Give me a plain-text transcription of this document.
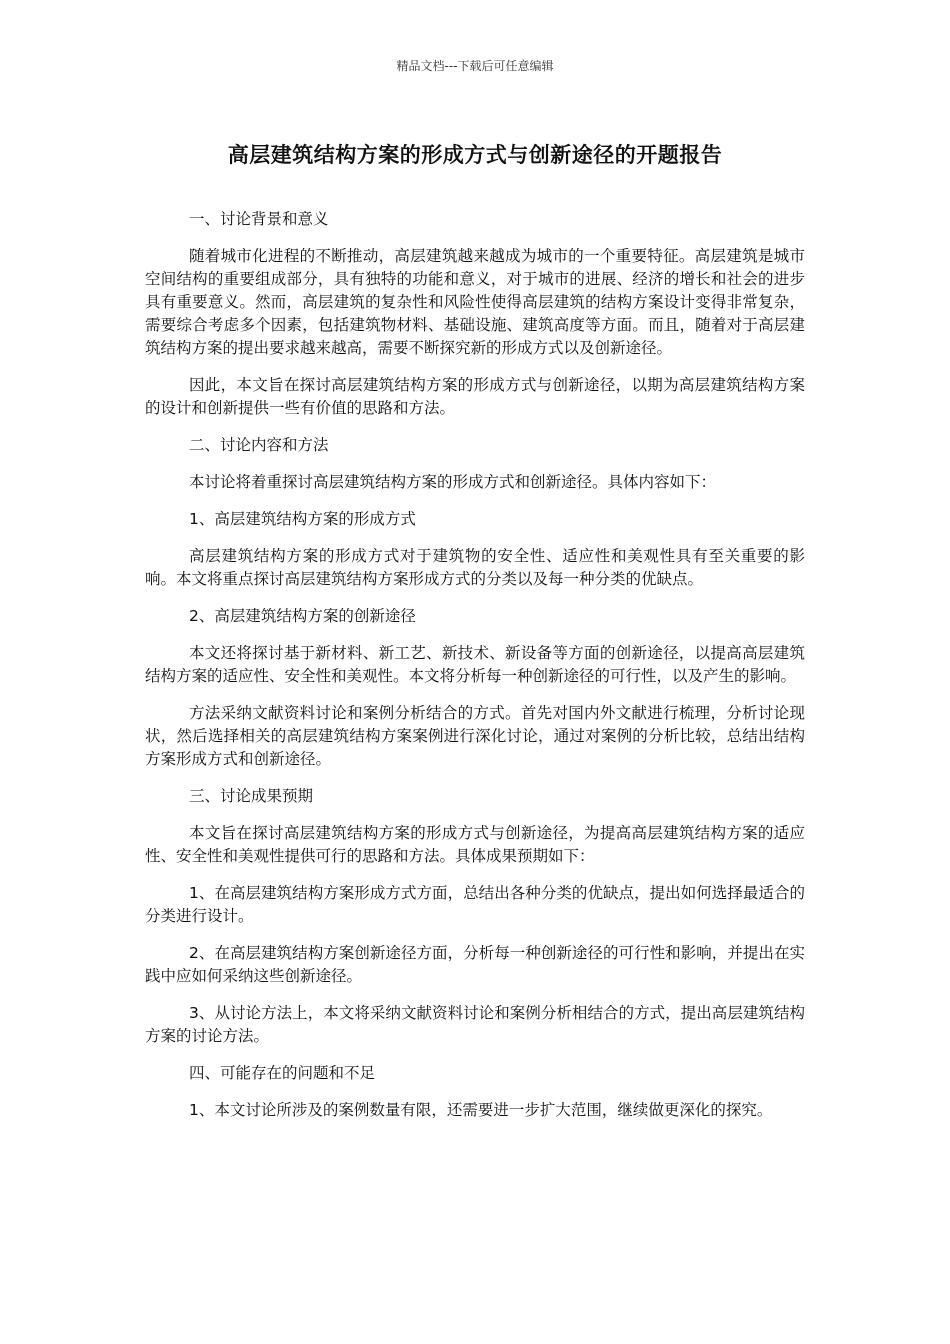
精品文档---下载后可任意编辑
高层建筑结构方案的形成方式与创新途径的开题报告
一、讨论背景和意义
随着城市化进程的不断推动，高层建筑越来越成为城市的一个重要特征。高层建筑是城市空间结构的重要组成部分，具有独特的功能和意义，对于城市的进展、经济的增长和社会的进步具有重要意义。然而，高层建筑的复杂性和风险性使得高层建筑的结构方案设计变得非常复杂，需要综合考虑多个因素，包括建筑物材料、基础设施、建筑高度等方面。而且，随着对于高层建筑结构方案的提出要求越来越高，需要不断探究新的形成方式以及创新途径。
因此，本文旨在探讨高层建筑结构方案的形成方式与创新途径，以期为高层建筑结构方案的设计和创新提供一些有价值的思路和方法。
二、讨论内容和方法
本讨论将着重探讨高层建筑结构方案的形成方式和创新途径。具体内容如下：
1、高层建筑结构方案的形成方式
高层建筑结构方案的形成方式对于建筑物的安全性、适应性和美观性具有至关重要的影响。本文将重点探讨高层建筑结构方案形成方式的分类以及每一种分类的优缺点。
2、高层建筑结构方案的创新途径
本文还将探讨基于新材料、新工艺、新技术、新设备等方面的创新途径，以提高高层建筑结构方案的适应性、安全性和美观性。本文将分析每一种创新途径的可行性，以及产生的影响。
方法采纳文献资料讨论和案例分析结合的方式。首先对国内外文献进行梳理，分析讨论现状，然后选择相关的高层建筑结构方案案例进行深化讨论，通过对案例的分析比较，总结出结构方案形成方式和创新途径。
三、讨论成果预期
本文旨在探讨高层建筑结构方案的形成方式与创新途径，为提高高层建筑结构方案的适应性、安全性和美观性提供可行的思路和方法。具体成果预期如下：
1、在高层建筑结构方案形成方式方面，总结出各种分类的优缺点，提出如何选择最适合的分类进行设计。
2、在高层建筑结构方案创新途径方面，分析每一种创新途径的可行性和影响，并提出在实践中应如何采纳这些创新途径。
3、从讨论方法上，本文将采纳文献资料讨论和案例分析相结合的方式，提出高层建筑结构方案的讨论方法。
四、可能存在的问题和不足
1、本文讨论所涉及的案例数量有限，还需要进一步扩大范围，继续做更深化的探究。
